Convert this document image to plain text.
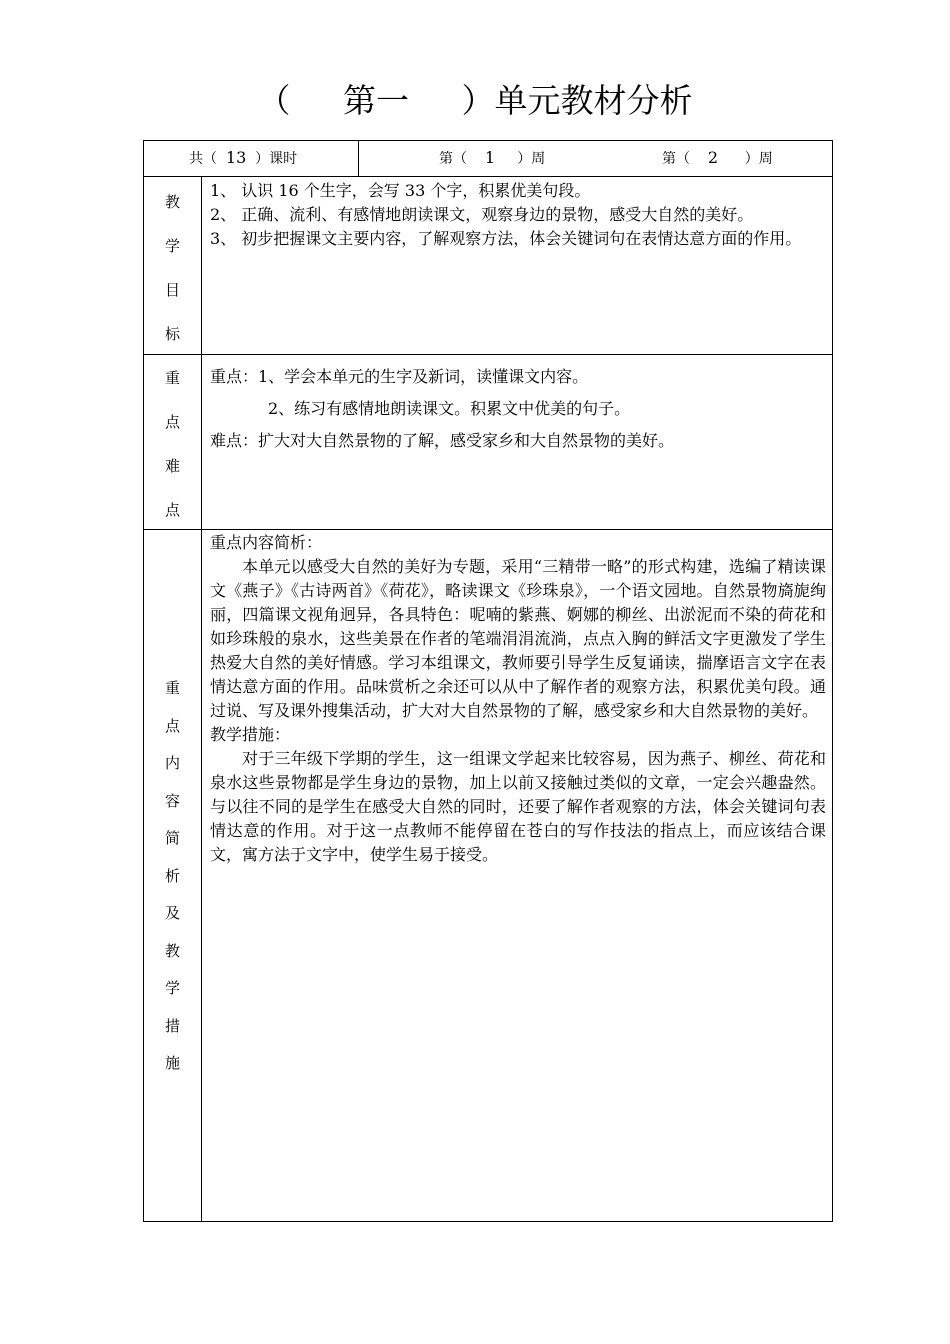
（     第一     ）单元教材分析
共（ 13 ）课时	第（ 1 ）周	第（ 2 ）周
教
学
目
标

1、 认识 16 个生字，会写 33 个字，积累优美句段。

2、 正确、流利、有感情地朗读课文，观察身边的景物，感受大自然的美好。

3、 初步把握课文主要内容，了解观察方法，体会关键词句在表情达意方面的作用。

重
点
难
点

重点：1、学会本单元的生字及新词，读懂课文内容。

2、练习有感情地朗读课文。积累文中优美的句子。

难点：扩大对大自然景物的了解，感受家乡和大自然景物的美好。

重
点
内
容
简
析
及
教
学
措
施

重点内容简析：

本单元以感受大自然的美好为专题，采用“三精带一略”的形式构建，选编了精读课文《燕子》《古诗两首》《荷花》，略读课文《珍珠泉》，一个语文园地。自然景物旖旎绚丽，四篇课文视角迥异，各具特色：呢喃的紫燕、婀娜的柳丝、出淤泥而不染的荷花和如珍珠般的泉水，这些美景在作者的笔端涓涓流淌，点点入胸的鲜活文字更激发了学生热爱大自然的美好情感。学习本组课文，教师要引导学生反复诵读，揣摩语言文字在表情达意方面的作用。品味赏析之余还可以从中了解作者的观察方法，积累优美句段。通过说、写及课外搜集活动，扩大对大自然景物的了解，感受家乡和大自然景物的美好。

教学措施：

对于三年级下学期的学生，这一组课文学起来比较容易，因为燕子、柳丝、荷花和泉水这些景物都是学生身边的景物，加上以前又接触过类似的文章，一定会兴趣盎然。与以往不同的是学生在感受大自然的同时，还要了解作者观察的方法，体会关键词句表情达意的作用。对于这一点教师不能停留在苍白的写作技法的指点上，而应该结合课文，寓方法于文字中，使学生易于接受。
